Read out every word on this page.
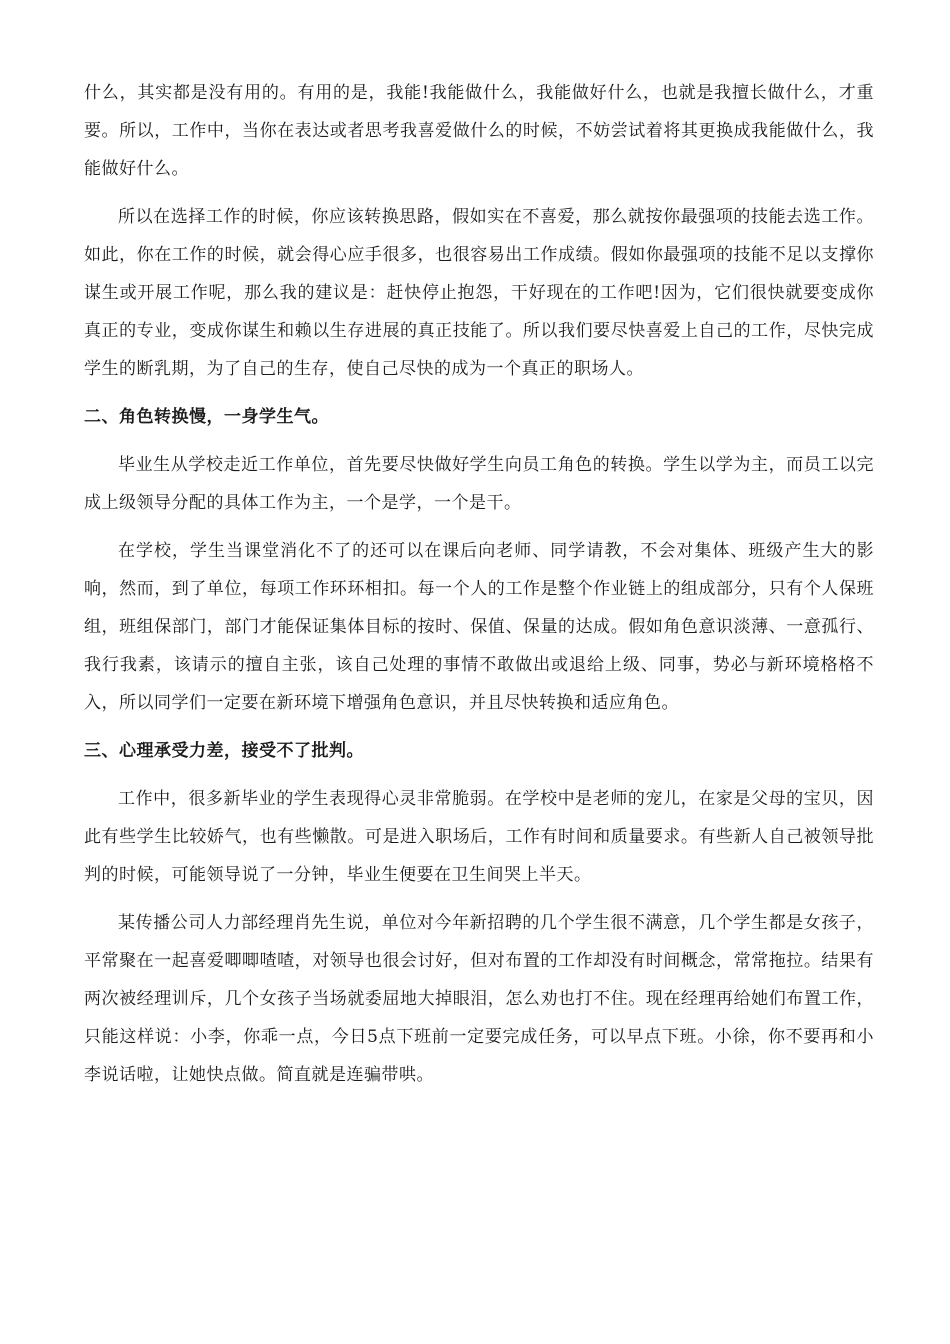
什么，其实都是没有用的。有用的是，我能!我能做什么，我能做好什么，也就是我擅长做什么，才重要。所以，工作中，当你在表达或者思考我喜爱做什么的时候，不妨尝试着将其更换成我能做什么，我能做好什么。

所以在选择工作的时候，你应该转换思路，假如实在不喜爱，那么就按你最强项的技能去选工作。如此，你在工作的时候，就会得心应手很多，也很容易出工作成绩。假如你最强项的技能不足以支撑你谋生或开展工作呢，那么我的建议是：赶快停止抱怨，干好现在的工作吧!因为，它们很快就要变成你真正的专业，变成你谋生和赖以生存进展的真正技能了。所以我们要尽快喜爱上自己的工作，尽快完成学生的断乳期，为了自己的生存，使自己尽快的成为一个真正的职场人。

二、角色转换慢，一身学生气。

毕业生从学校走近工作单位，首先要尽快做好学生向员工角色的转换。学生以学为主，而员工以完成上级领导分配的具体工作为主，一个是学，一个是干。

在学校，学生当课堂消化不了的还可以在课后向老师、同学请教，不会对集体、班级产生大的影响，然而，到了单位，每项工作环环相扣。每一个人的工作是整个作业链上的组成部分，只有个人保班组，班组保部门，部门才能保证集体目标的按时、保值、保量的达成。假如角色意识淡薄、一意孤行、我行我素，该请示的擅自主张，该自己处理的事情不敢做出或退给上级、同事，势必与新环境格格不入，所以同学们一定要在新环境下增强角色意识，并且尽快转换和适应角色。

三、心理承受力差，接受不了批判。

工作中，很多新毕业的学生表现得心灵非常脆弱。在学校中是老师的宠儿，在家是父母的宝贝，因此有些学生比较娇气，也有些懒散。可是进入职场后，工作有时间和质量要求。有些新人自己被领导批判的时候，可能领导说了一分钟，毕业生便要在卫生间哭上半天。

某传播公司人力部经理肖先生说，单位对今年新招聘的几个学生很不满意，几个学生都是女孩子，平常聚在一起喜爱唧唧喳喳，对领导也很会讨好，但对布置的工作却没有时间概念，常常拖拉。结果有两次被经理训斥，几个女孩子当场就委屈地大掉眼泪，怎么劝也打不住。现在经理再给她们布置工作，只能这样说：小李，你乖一点，今日5点下班前一定要完成任务，可以早点下班。小徐，你不要再和小李说话啦，让她快点做。简直就是连骗带哄。
